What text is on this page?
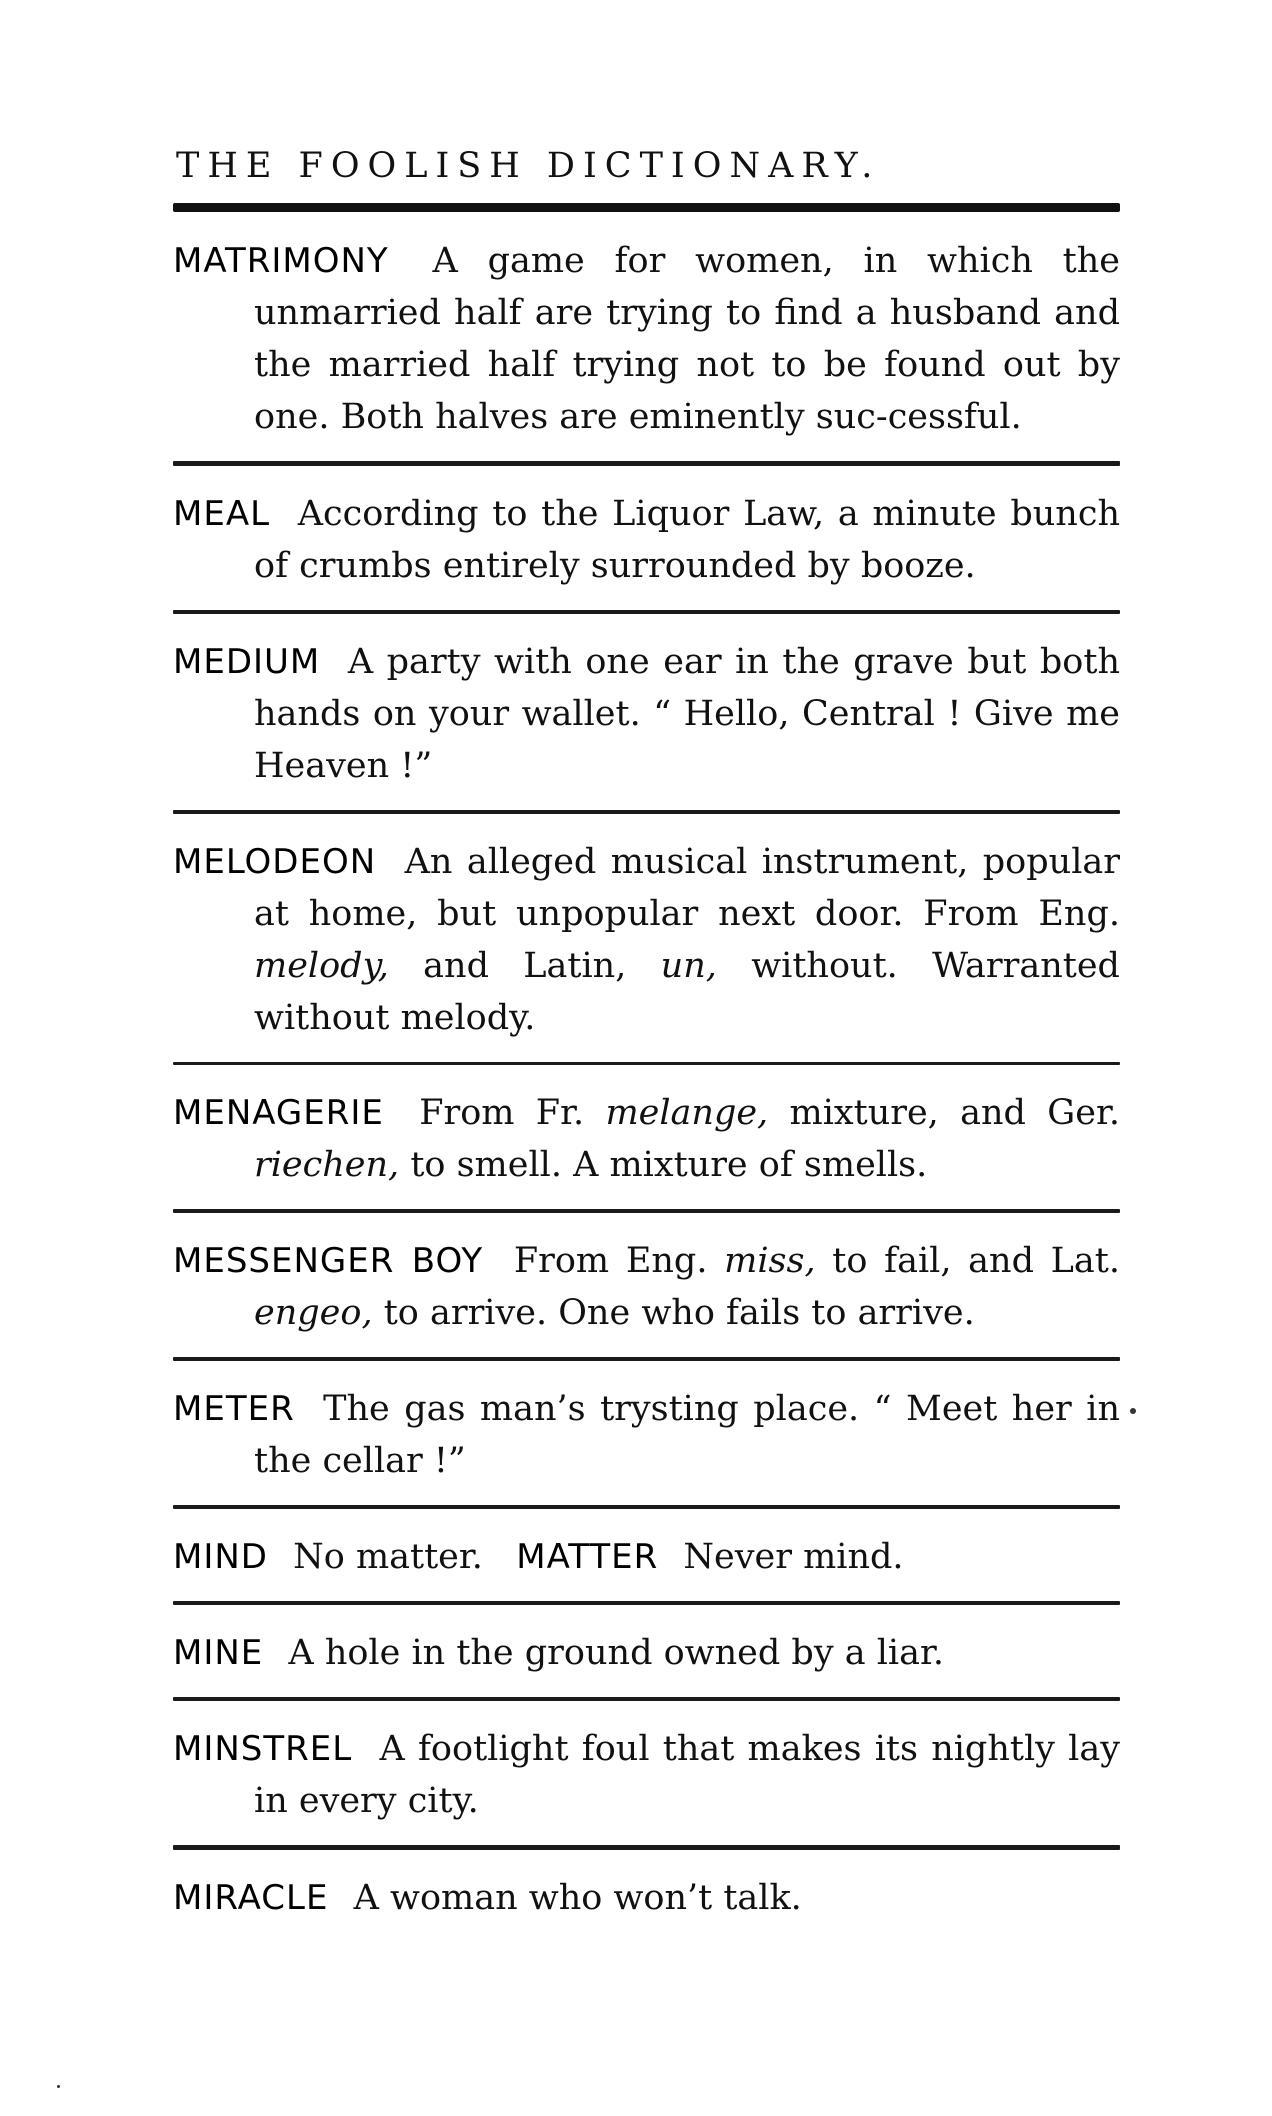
THE FOOLISH DICTIONARY.

MATRIMONY A game for women, in which the unmarried half are trying to find a husband and the married half trying not to be found out by one. Both halves are eminently suc-cessful.

MEAL According to the Liquor Law, a minute bunch of crumbs entirely surrounded by booze.

MEDIUM A party with one ear in the grave but both hands on your wallet. “ Hello, Central ! Give me Heaven !”

MELODEON An alleged musical instrument, popular at home, but unpopular next door. From Eng. melody, and Latin, un, without. Warranted without melody.

MENAGERIE From Fr. melange, mixture, and Ger. riechen, to smell. A mixture of smells.

MESSENGER BOY From Eng. miss, to fail, and Lat. engeo, to arrive. One who fails to arrive.

METER The gas man’s trysting place. “ Meet her in the cellar !”

MIND No matter. MATTER Never mind.

MINE A hole in the ground owned by a liar.

MINSTREL A footlight foul that makes its nightly lay in every city.

MIRACLE A woman who won’t talk.
